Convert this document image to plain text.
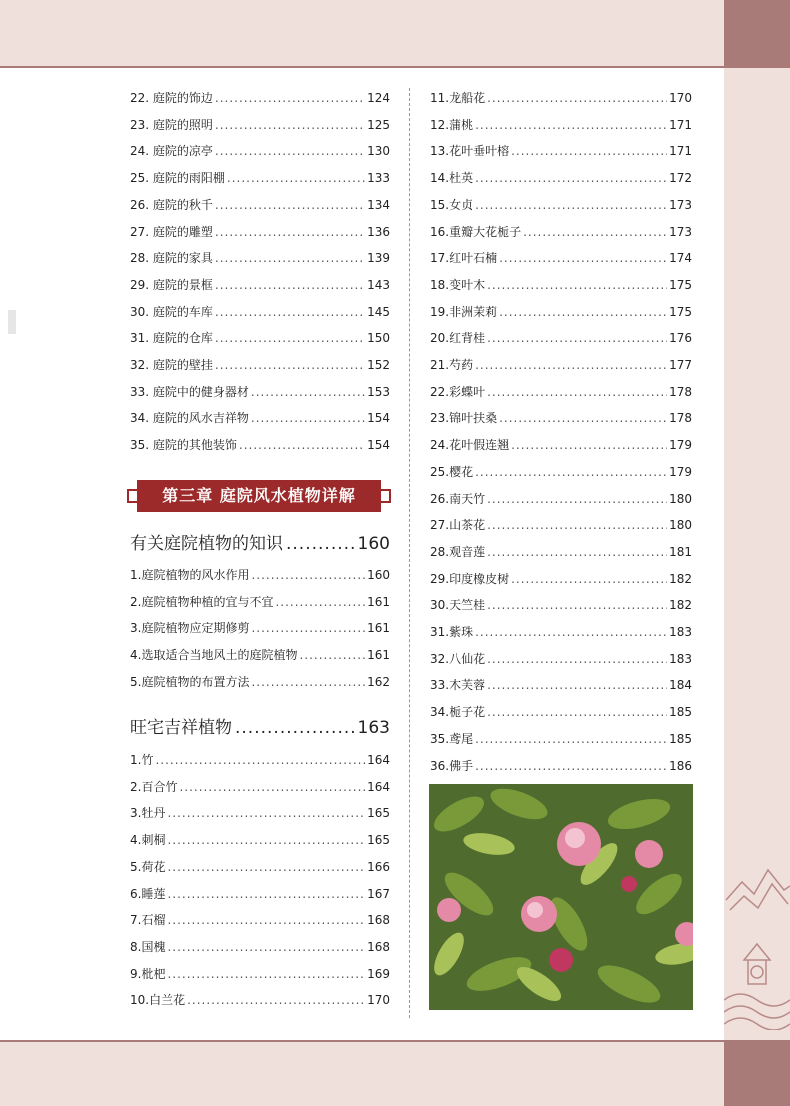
22. 庭院的饰边 .....	124
23. 庭院的照明 .....	125
24. 庭院的凉亭 .....	130
25. 庭院的雨阳棚 .....	133
26. 庭院的秋千 .....	134
27. 庭院的雕塑 .....	136
28. 庭院的家具 .....	139
29. 庭院的景框 .....	143
30. 庭院的车库 .....	145
31. 庭院的仓库 .....	150
32. 庭院的壁挂 .....	152
33. 庭院中的健身器材 .....	153
34. 庭院的风水吉祥物 .....	154
35. 庭院的其他装饰 .....	154
第三章 庭院风水植物详解
有关庭院植物的知识 .....	160
1.庭院植物的风水作用 .....	160
2.庭院植物种植的宜与不宜 .....	161
3.庭院植物应定期修剪 .....	161
4.选取适合当地风土的庭院植物 .....	161
5.庭院植物的布置方法 .....	162
旺宅吉祥植物 .....	163
1.竹 .....	164
2.百合竹 .....	164
3.牡丹 .....	165
4.刺桐 .....	165
5.荷花 .....	166
6.睡莲 .....	167
7.石榴 .....	168
8.国槐 .....	168
9.枇杷 .....	169
10.白兰花 .....	170
11.龙船花 .....	170
12.蒲桃 .....	171
13.花叶垂叶榕 .....	171
14.杜英 .....	172
15.女贞 .....	173
16.重瓣大花栀子 .....	173
17.红叶石楠 .....	174
18.变叶木 .....	175
19.非洲茉莉 .....	175
20.红背桂 .....	176
21.芍药 .....	177
22.彩蝶叶 .....	178
23.锦叶扶桑 .....	178
24.花叶假连翘 .....	179
25.樱花 .....	179
26.南天竹 .....	180
27.山茶花 .....	180
28.观音莲 .....	181
29.印度橡皮树 .....	182
30.天竺桂 .....	182
31.紫珠 .....	183
32.八仙花 .....	183
33.木芙蓉 .....	184
34.栀子花 .....	185
35.鸢尾 .....	185
36.佛手 .....	186
